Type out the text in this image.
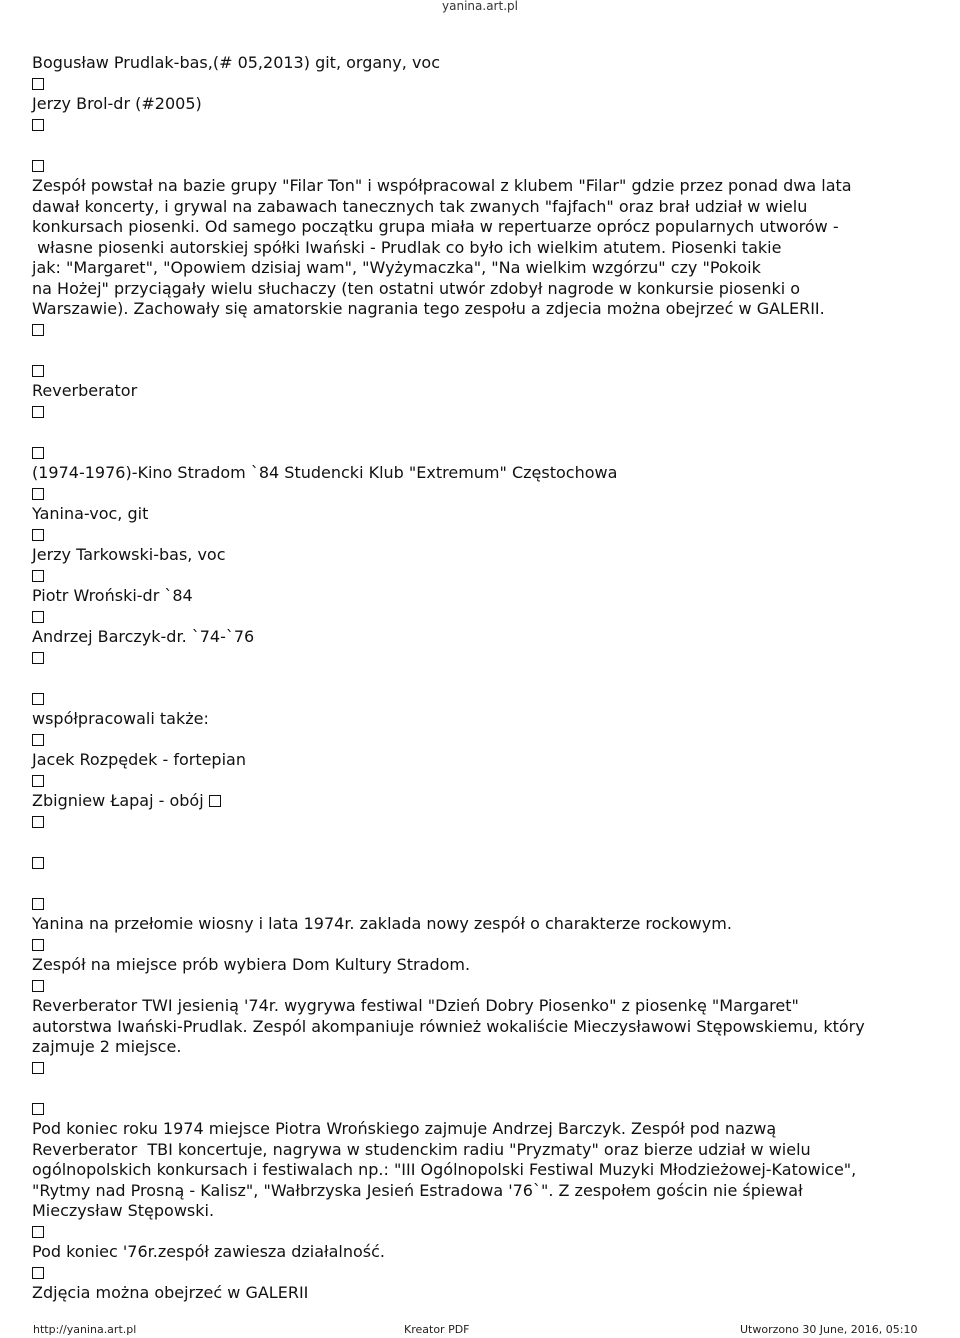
yanina.art.pl

Bogusław Prudlak-bas,(# 05,2013) git, organy, voc

Jerzy Brol-dr (#2005)

Zespół powstał na bazie grupy "Filar Ton" i współpracowal z klubem "Filar" gdzie przez ponad dwa lata

dawał koncerty, i grywal na zabawach tanecznych tak zwanych "fajfach" oraz brał udział w wielu

konkursach piosenki. Od samego początku grupa miała w repertuarze oprócz popularnych utworów -

własne piosenki autorskiej spółki Iwański - Prudlak co było ich wielkim atutem. Piosenki takie

jak: "Margaret", "Opowiem dzisiaj wam", "Wyżymaczka", "Na wielkim wzgórzu" czy "Pokoik

na Hożej" przyciągały wielu słuchaczy (ten ostatni utwór zdobył nagrode w konkursie piosenki o

Warszawie). Zachowały się amatorskie nagrania tego zespołu a zdjecia można obejrzeć w GALERII.

Reverberator

(1974-1976)-Kino Stradom `84 Studencki Klub "Extremum" Częstochowa

Yanina-voc, git

Jerzy Tarkowski-bas, voc

Piotr Wroński-dr `84

Andrzej Barczyk-dr. `74-`76

współpracowali także:

Jacek Rozpędek - fortepian

Zbigniew Łapaj - obój

Yanina na przełomie wiosny i lata 1974r. zaklada nowy zespół o charakterze rockowym.

Zespół na miejsce prób wybiera Dom Kultury Stradom.

Reverberator TWI jesienią '74r. wygrywa festiwal "Dzień Dobry Piosenko" z piosenkę "Margaret"

autorstwa Iwański-Prudlak. Zespól akompaniuje również wokaliście Mieczysławowi Stępowskiemu, który

zajmuje 2 miejsce.

Pod koniec roku 1974 miejsce Piotra Wrońskiego zajmuje Andrzej Barczyk. Zespół pod nazwą

Reverberator  TBI koncertuje, nagrywa w studenckim radiu "Pryzmaty" oraz bierze udział w wielu

ogólnopolskich konkursach i festiwalach np.: "III Ogólnopolski Festiwal Muzyki Młodzieżowej-Katowice",

"Rytmy nad Prosną - Kalisz", "Wałbrzyska Jesień Estradowa '76`". Z zespołem gościn nie śpiewał

Mieczysław Stępowski.

Pod koniec '76r.zespół zawiesza działalność.

Zdjęcia można obejrzeć w GALERII

http://yanina.art.pl	Kreator PDF	Utworzono 30 June, 2016, 05:10
